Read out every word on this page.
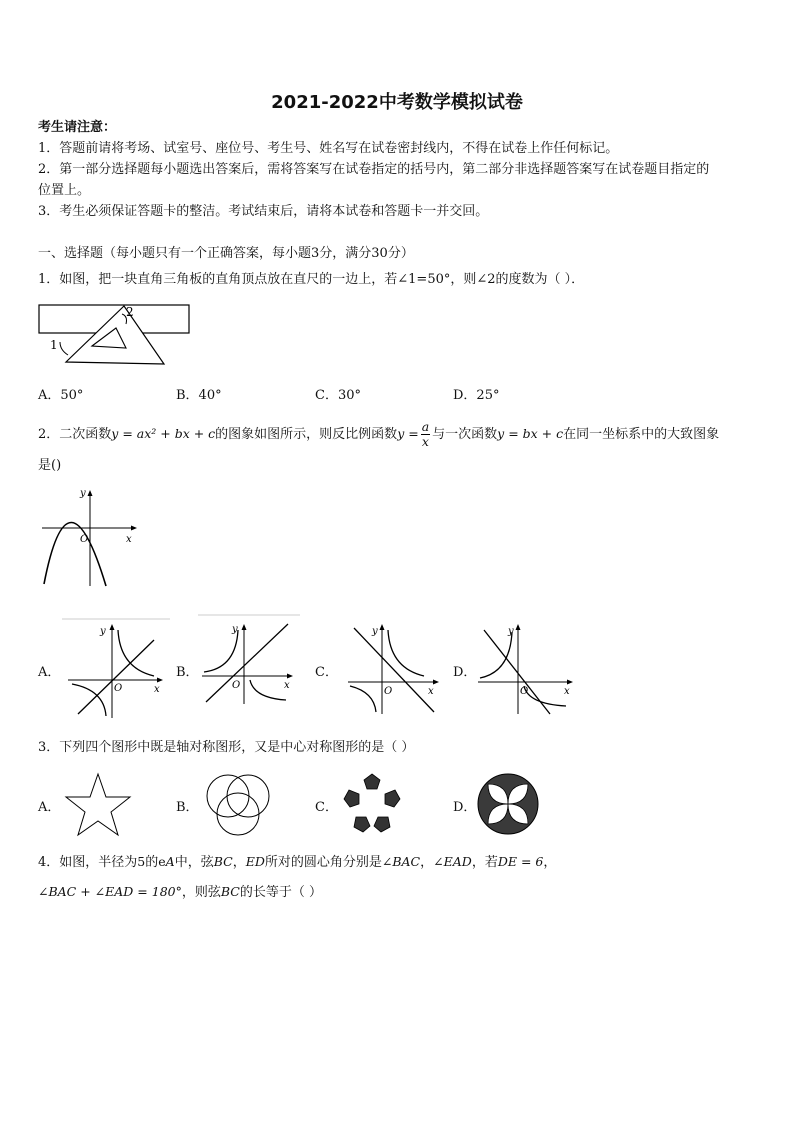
2021-2022中考数学模拟试卷
考生请注意：
1．答题前请将考场、试室号、座位号、考生号、姓名写在试卷密封线内，不得在试卷上作任何标记。
2．第一部分选择题每小题选出答案后，需将答案写在试卷指定的括号内，第二部分非选择题答案写在试卷题目指定的
位置上。
3．考生必须保证答题卡的整洁。考试结束后，请将本试卷和答题卡一并交回。
一、选择题（每小题只有一个正确答案，每小题3分，满分30分）
1．如图，把一块直角三角板的直角顶点放在直尺的一边上，若∠1=50°，则∠2的度数为（ ）．
1
2
A．50°	B．40°	C．30°	D．25°
2．二次函数y = ax² + bx + c的图象如图所示，则反比例函数$y = \frac{a}{x}$ 与一次函数y = bx + c在同一坐标系中的大致图象
是()
y
x
O
A．
y
x
O
B．
y
x
O
C．
y
x
O
D．
y
x
O
3．下列四个图形中既是轴对称图形，又是中心对称图形的是（ ）
A．	B．	C．	D．
4．如图，半径为5的eA中，弦BC，ED所对的圆心角分别是∠BAC，∠EAD，若DE = 6，
∠BAC + ∠EAD = 180°，则弦BC的长等于（ ）
